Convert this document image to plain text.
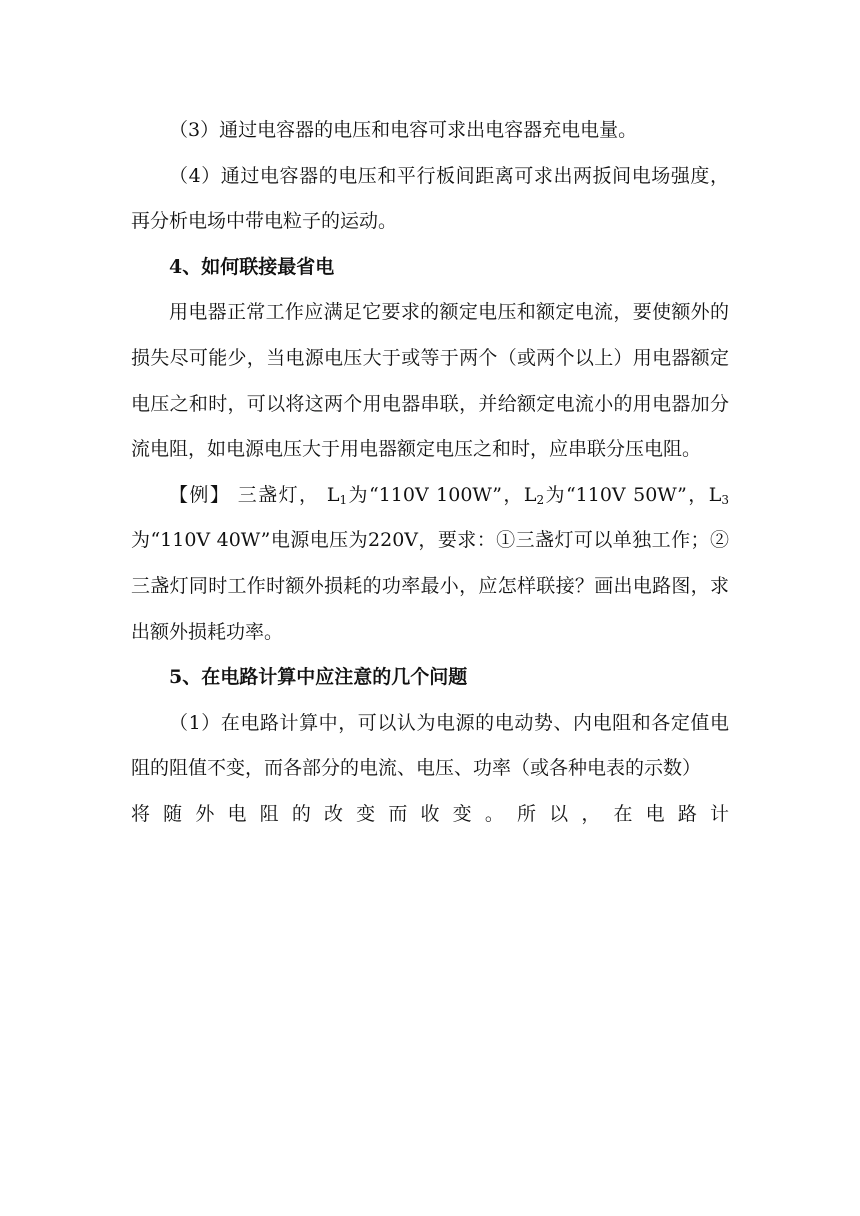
（3）通过电容器的电压和电容可求出电容器充电电量。

（4）通过电容器的电压和平行板间距离可求出两扳间电场强度，再分析电场中带电粒子的运动。

4、如何联接最省电

用电器正常工作应满足它要求的额定电压和额定电流，要使额外的损失尽可能少，当电源电压大于或等于两个（或两个以上）用电器额定电压之和时，可以将这两个用电器串联，并给额定电流小的用电器加分流电阻，如电源电压大于用电器额定电压之和时，应串联分压电阻。

【例】 三盏灯， $L_1$为“110V 100W”，$L_2$为“110V 50W”，$L_3$为“110V 40W”电源电压为220V，要求：①三盏灯可以单独工作；②三盏灯同时工作时额外损耗的功率最小，应怎样联接？画出电路图，求出额外损耗功率。

5、在电路计算中应注意的几个问题

（1）在电路计算中，可以认为电源的电动势、内电阻和各定值电阻的阻值不变，而各部分的电流、电压、功率（或各种电表的示数）

将随外电阻的改变而收变。所以，在电路计
